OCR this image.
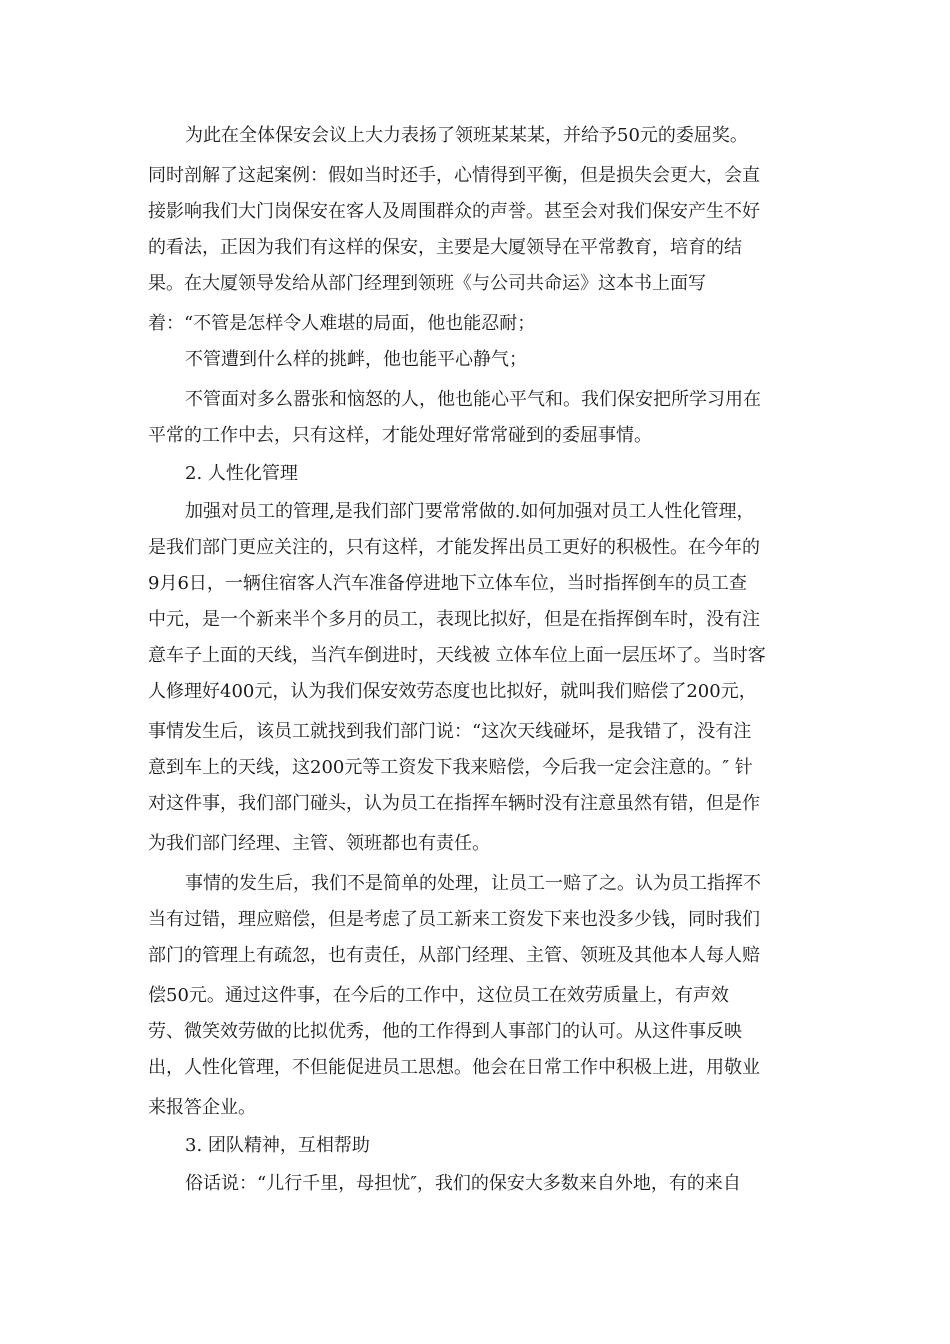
为此在全体保安会议上大力表扬了领班某某某，并给予50元的委屈奖。
同时剖解了这起案例：假如当时还手，心情得到平衡，但是损失会更大，会直
接影响我们大门岗保安在客人及周围群众的声誉。甚至会对我们保安产生不好
的看法，正因为我们有这样的保安，主要是大厦领导在平常教育，培育的结
果。在大厦领导发给从部门经理到领班《与公司共命运》这本书上面写
着：“不管是怎样令人难堪的局面，他也能忍耐；
不管遭到什么样的挑衅，他也能平心静气；
不管面对多么嚣张和恼怒的人，他也能心平气和。我们保安把所学习用在
平常的工作中去，只有这样，才能处理好常常碰到的委屈事情。
2. 人性化管理
加强对员工的管理,是我们部门要常常做的.如何加强对员工人性化管理，
是我们部门更应关注的，只有这样，才能发挥出员工更好的积极性。在今年的
9月6日，一辆住宿客人汽车准备停进地下立体车位，当时指挥倒车的员工查
中元，是一个新来半个多月的员工，表现比拟好，但是在指挥倒车时，没有注
意车子上面的天线，当汽车倒进时，天线被 立体车位上面一层压坏了。当时客
人修理好400元，认为我们保安效劳态度也比拟好，就叫我们赔偿了200元，
事情发生后，该员工就找到我们部门说：“这次天线碰坏，是我错了，没有注
意到车上的天线，这200元等工资发下我来赔偿，今后我一定会注意的。″ 针
对这件事，我们部门碰头，认为员工在指挥车辆时没有注意虽然有错，但是作
为我们部门经理、主管、领班都也有责任。
事情的发生后，我们不是简单的处理，让员工一赔了之。认为员工指挥不
当有过错，理应赔偿，但是考虑了员工新来工资发下来也没多少钱，同时我们
部门的管理上有疏忽，也有责任，从部门经理、主管、领班及其他本人每人赔
偿50元。通过这件事，在今后的工作中，这位员工在效劳质量上，有声效
劳、微笑效劳做的比拟优秀，他的工作得到人事部门的认可。从这件事反映
出，人性化管理，不但能促进员工思想。他会在日常工作中积极上进，用敬业
来报答企业。
3. 团队精神，互相帮助
俗话说：“儿行千里，母担忧″，我们的保安大多数来自外地，有的来自
